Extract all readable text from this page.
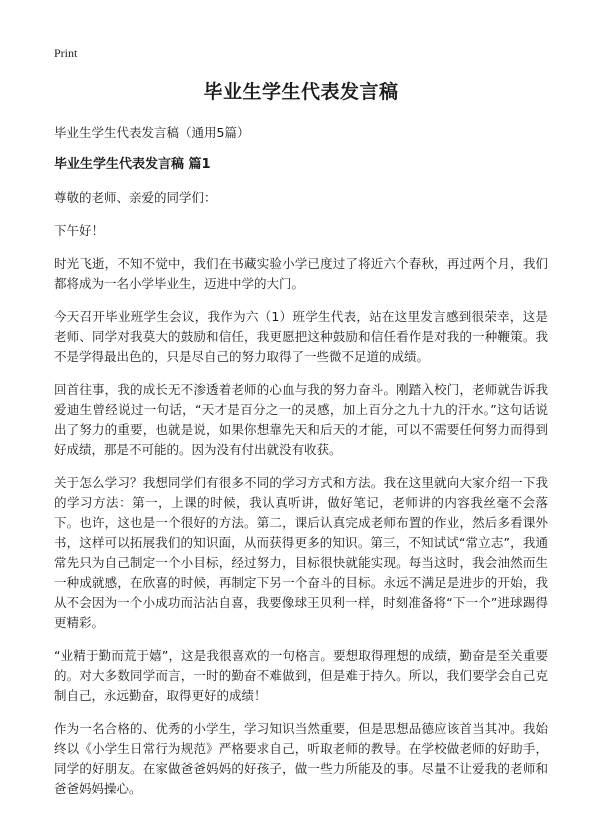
Print
毕业生学生代表发言稿

毕业生学生代表发言稿（通用5篇）

毕业生学生代表发言稿 篇1

尊敬的老师、亲爱的同学们：

下午好！

时光飞逝，不知不觉中，我们在书藏实验小学已度过了将近六个春秋，再过两个月，我们都将成为一名小学毕业生，迈进中学的大门。

今天召开毕业班学生会议，我作为六（1）班学生代表，站在这里发言感到很荣幸，这是老师、同学对我莫大的鼓励和信任，我更愿把这种鼓励和信任看作是对我的一种鞭策。我不是学得最出色的，只是尽自己的努力取得了一些微不足道的成绩。

回首往事，我的成长无不渗透着老师的心血与我的努力奋斗。刚踏入校门，老师就告诉我爱迪生曾经说过一句话，“天才是百分之一的灵感，加上百分之九十九的汗水。”这句话说出了努力的重要，也就是说，如果你想靠先天和后天的才能，可以不需要任何努力而得到好成绩，那是不可能的。因为没有付出就没有收获。

关于怎么学习？我想同学们有很多不同的学习方式和方法。我在这里就向大家介绍一下我的学习方法：第一，上课的时候，我认真听讲，做好笔记，老师讲的内容我丝毫不会落下。也许，这也是一个很好的方法。第二，课后认真完成老师布置的作业，然后多看课外书，这样可以拓展我们的知识面，从而获得更多的知识。第三，不知试试“常立志”，我通常先只为自己制定一个小目标，经过努力，目标很快就能实现。每当这时，我会油然而生一种成就感，在欣喜的时候，再制定下另一个奋斗的目标。永远不满足是进步的开始，我从不会因为一个小成功而沾沾自喜，我要像球王贝利一样，时刻准备将“下一个”进球踢得更精彩。

“业精于勤而荒于嬉”，这是我很喜欢的一句格言。要想取得理想的成绩，勤奋是至关重要的。对大多数同学而言，一时的勤奋不难做到，但是难于持久。所以，我们要学会自己克制自己，永远勤奋，取得更好的成绩！

作为一名合格的、优秀的小学生，学习知识当然重要，但是思想品德应该首当其冲。我始终以《小学生日常行为规范》严格要求自己，听取老师的教导。在学校做老师的好助手，同学的好朋友。在家做爸爸妈妈的好孩子，做一些力所能及的事。尽量不让爱我的老师和爸爸妈妈操心。
